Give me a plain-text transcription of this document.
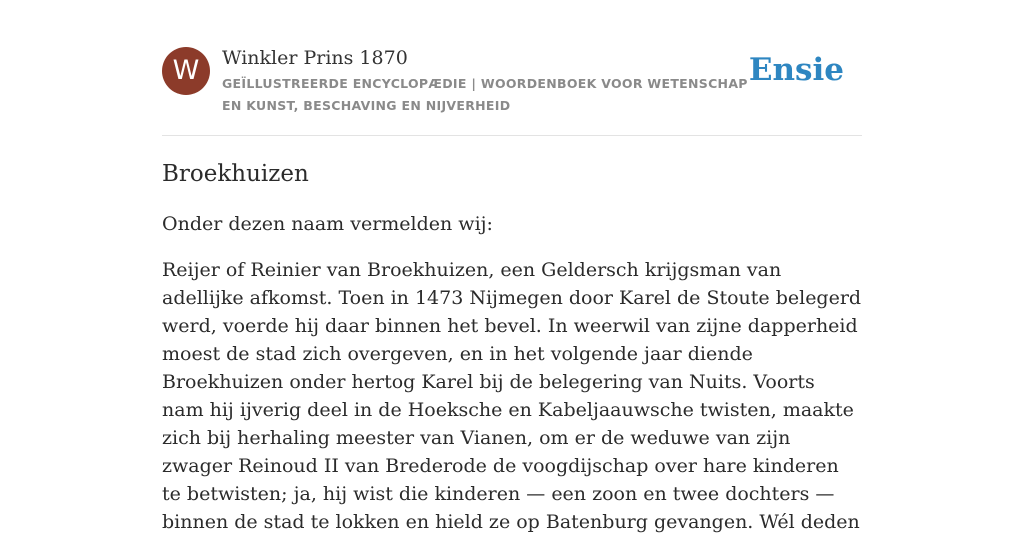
W	Winkler Prins 1870
GEÏLLUSTREERDE ENCYCLOPÆDIE | WOORDENBOEK VOOR WETENSCHAP EN KUNST, BESCHAVING EN NIJVERHEID
Ensie
Broekhuizen

Onder dezen naam vermelden wij:

Reijer of Reinier van Broekhuizen, een Geldersch krijgsman van adellijke afkomst. Toen in 1473 Nijmegen door Karel de Stoute belegerd werd, voerde hij daar binnen het bevel. In weerwil van zijne dapperheid moest de stad zich overgeven, en in het volgende jaar diende Broekhuizen onder hertog Karel bij de belegering van Nuits. Voorts nam hij ijverig deel in de Hoeksche en Kabeljaauwsche twisten, maakte zich bij herhaling meester van Vianen, om er de weduwe van zijn zwager Reinoud II van Brederode de voogdijschap over hare kinderen te betwisten; ja, hij wist die kinderen — een zoon en twee dochters — binnen de stad te lokken en hield ze op Batenburg gevangen. Wél deden
